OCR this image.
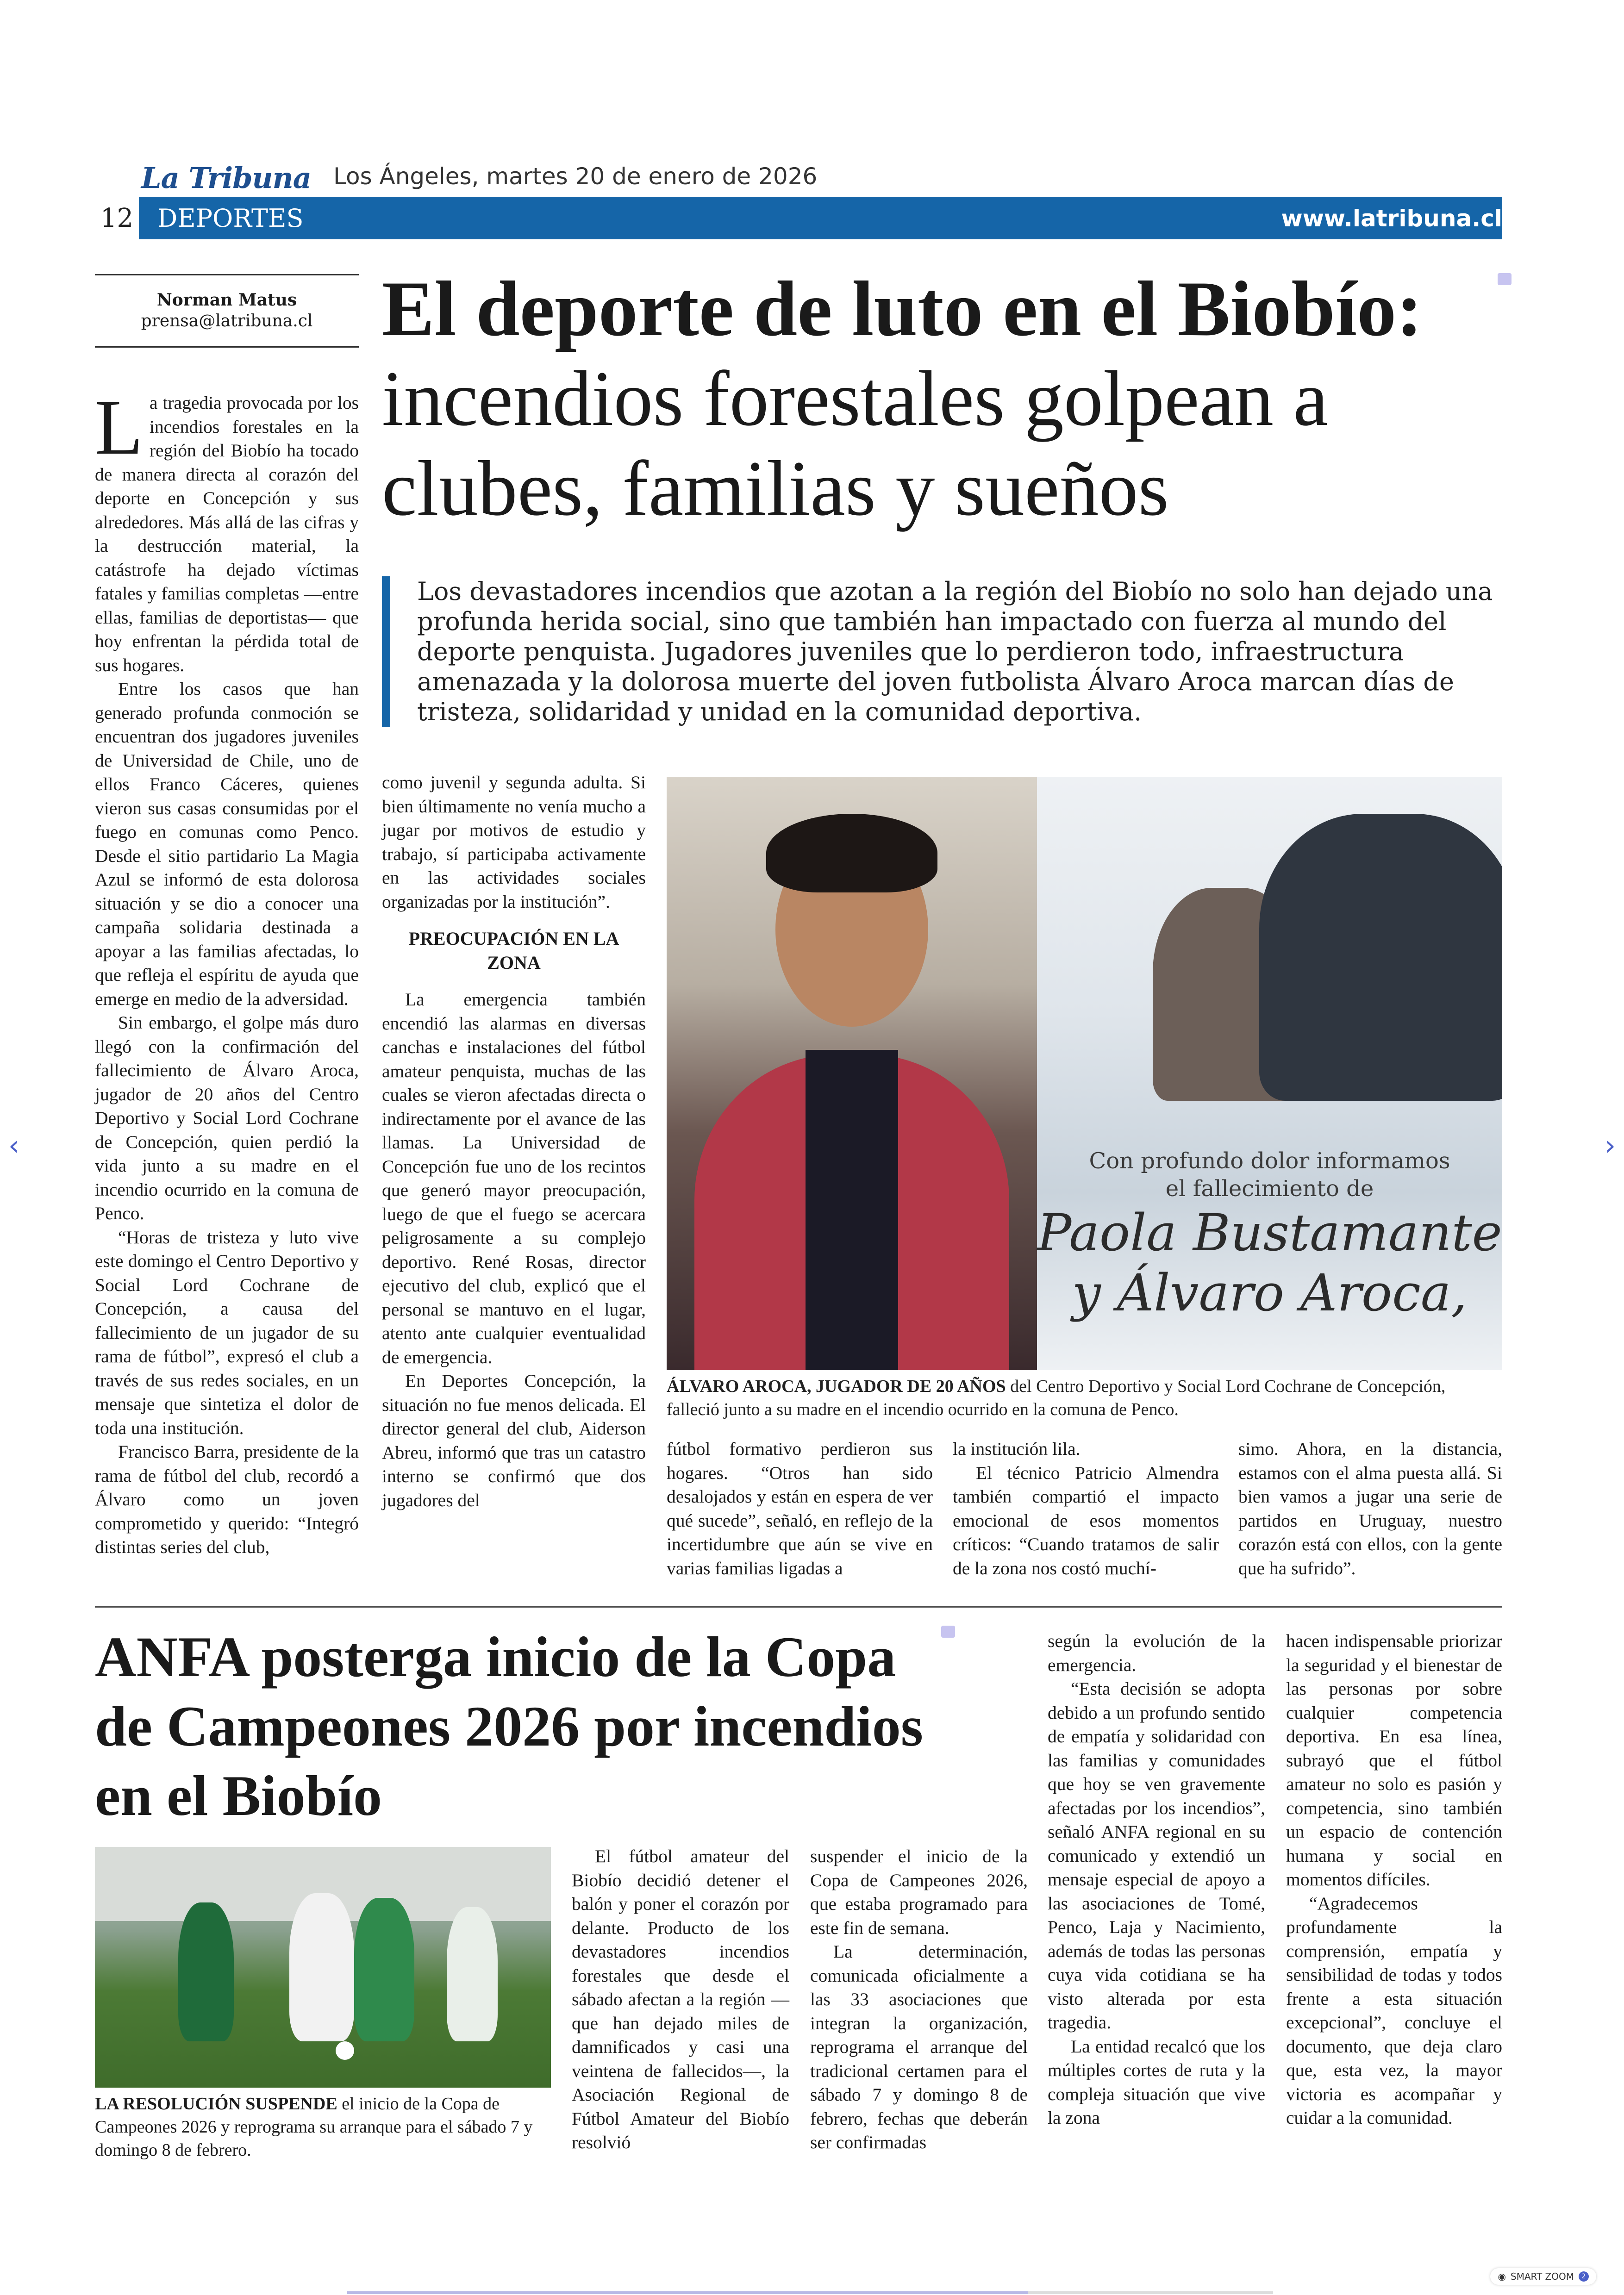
La Tribuna Los Ángeles, martes 20 de enero de 2026
12 DEPORTES	www.latribuna.cl
Norman Matus
prensa@latribuna.cl El deporte de luto en el Biobío:
incendios forestales golpean a clubes, familias y sueños
Los devastadores incendios que azotan a la región del Biobío no solo han dejado una profunda herida social, sino que también han impactado con fuerza al mundo del deporte penquista. Jugadores juveniles que lo perdieron todo, infraestructura amenazada y la dolorosa muerte del joven futbolista Álvaro Aroca marcan días de tristeza, solidaridad y unidad en la comunidad deportiva.

La tragedia provocada por los incendios forestales en la región del Biobío ha tocado de manera directa al corazón del deporte en Concepción y sus alrededores. Más allá de las cifras y la destrucción material, la catástrofe ha dejado víctimas fatales y familias completas —entre ellas, familias de deportistas— que hoy enfrentan la pérdida total de sus hogares.

Entre los casos que han generado profunda conmoción se encuentran dos jugadores juveniles de Universidad de Chile, uno de ellos Franco Cáceres, quienes vieron sus casas consumidas por el fuego en comunas como Penco. Desde el sitio partidario La Magia Azul se informó de esta dolorosa situación y se dio a conocer una campaña solidaria destinada a apoyar a las familias afectadas, lo que refleja el espíritu de ayuda que emerge en medio de la adversidad.

Sin embargo, el golpe más duro llegó con la confirmación del fallecimiento de Álvaro Aroca, jugador de 20 años del Centro Deportivo y Social Lord Cochrane de Concepción, quien perdió la vida junto a su madre en el incendio ocurrido en la comuna de Penco.

“Horas de tristeza y luto vive este domingo el Centro Deportivo y Social Lord Cochrane de Concepción, a causa del fallecimiento de un jugador de su rama de fútbol”, expresó el club a través de sus redes sociales, en un mensaje que sintetiza el dolor de toda una institución.

Francisco Barra, presidente de la rama de fútbol del club, recordó a Álvaro como un joven comprometido y querido: “Integró distintas series del club,

como juvenil y segunda adulta. Si bien últimamente no venía mucho a jugar por motivos de estudio y trabajo, sí participaba activamente en las actividades sociales organizadas por la institución”.

PREOCUPACIÓN EN LA ZONA

La emergencia también encendió las alarmas en diversas canchas e instalaciones del fútbol amateur penquista, muchas de las cuales se vieron afectadas directa o indirectamente por el avance de las llamas. La Universidad de Concepción fue uno de los recintos que generó mayor preocupación, luego de que el fuego se acercara peligrosamente a su complejo deportivo. René Rosas, director ejecutivo del club, explicó que el personal se mantuvo en el lugar, atento ante cualquier eventualidad de emergencia.

En Deportes Concepción, la situación no fue menos delicada. El director general del club, Aiderson Abreu, informó que tras un catastro interno se confirmó que dos jugadores del

Con profundo dolor informamos
el fallecimiento de
Paola Bustamante
y Álvaro Aroca,
ÁLVARO AROCA, JUGADOR DE 20 AÑOS del Centro Deportivo y Social Lord Cochrane de Concepción, falleció junto a su madre en el incendio ocurrido en la comuna de Penco.

fútbol formativo perdieron sus hogares. “Otros han sido desalojados y están en espera de ver qué sucede”, señaló, en reflejo de la incertidumbre que aún se vive en varias familias ligadas a

la institución lila.

El técnico Patricio Almendra también compartió el impacto emocional de esos momentos críticos: “Cuando tratamos de salir de la zona nos costó muchí-

simo. Ahora, en la distancia, estamos con el alma puesta allá. Si bien vamos a jugar una serie de partidos en Uruguay, nuestro corazón está con ellos, con la gente que ha sufrido”.

ANFA posterga inicio de la Copa de Campeones 2026 por incendios en el Biobío
LA RESOLUCIÓN SUSPENDE el inicio de la Copa de Campeones 2026 y reprograma su arranque para el sábado 7 y domingo 8 de febrero.

El fútbol amateur del Biobío decidió detener el balón y poner el corazón por delante. Producto de los devastadores incendios forestales que desde el sábado afectan a la región —que han dejado miles de damnificados y casi una veintena de fallecidos—, la Asociación Regional de Fútbol Amateur del Biobío resolvió

suspender el inicio de la Copa de Campeones 2026, que estaba programado para este fin de semana.

La determinación, comunicada oficialmente a las 33 asociaciones que integran la organización, reprograma el arranque del tradicional certamen para el sábado 7 y domingo 8 de febrero, fechas que deberán ser confirmadas

según la evolución de la emergencia.

“Esta decisión se adopta debido a un profundo sentido de empatía y solidaridad con las familias y comunidades que hoy se ven gravemente afectadas por los incendios”, señaló ANFA regional en su comunicado y extendió un mensaje especial de apoyo a las asociaciones de Tomé, Penco, Laja y Nacimiento, además de todas las personas cuya vida cotidiana se ha visto alterada por esta tragedia.

La entidad recalcó que los múltiples cortes de ruta y la compleja situación que vive la zona

hacen indispensable priorizar la seguridad y el bienestar de las personas por sobre cualquier competencia deportiva. En esa línea, subrayó que el fútbol amateur no solo es pasión y competencia, sino también un espacio de contención humana y social en momentos difíciles.

“Agradecemos profundamente la comprensión, empatía y sensibilidad de todas y todos frente a esta situación excepcional”, concluye el documento, que deja claro que, esta vez, la mayor victoria es acompañar y cuidar a la comunidad.

‹	›
◉ SMART ZOOM	2
